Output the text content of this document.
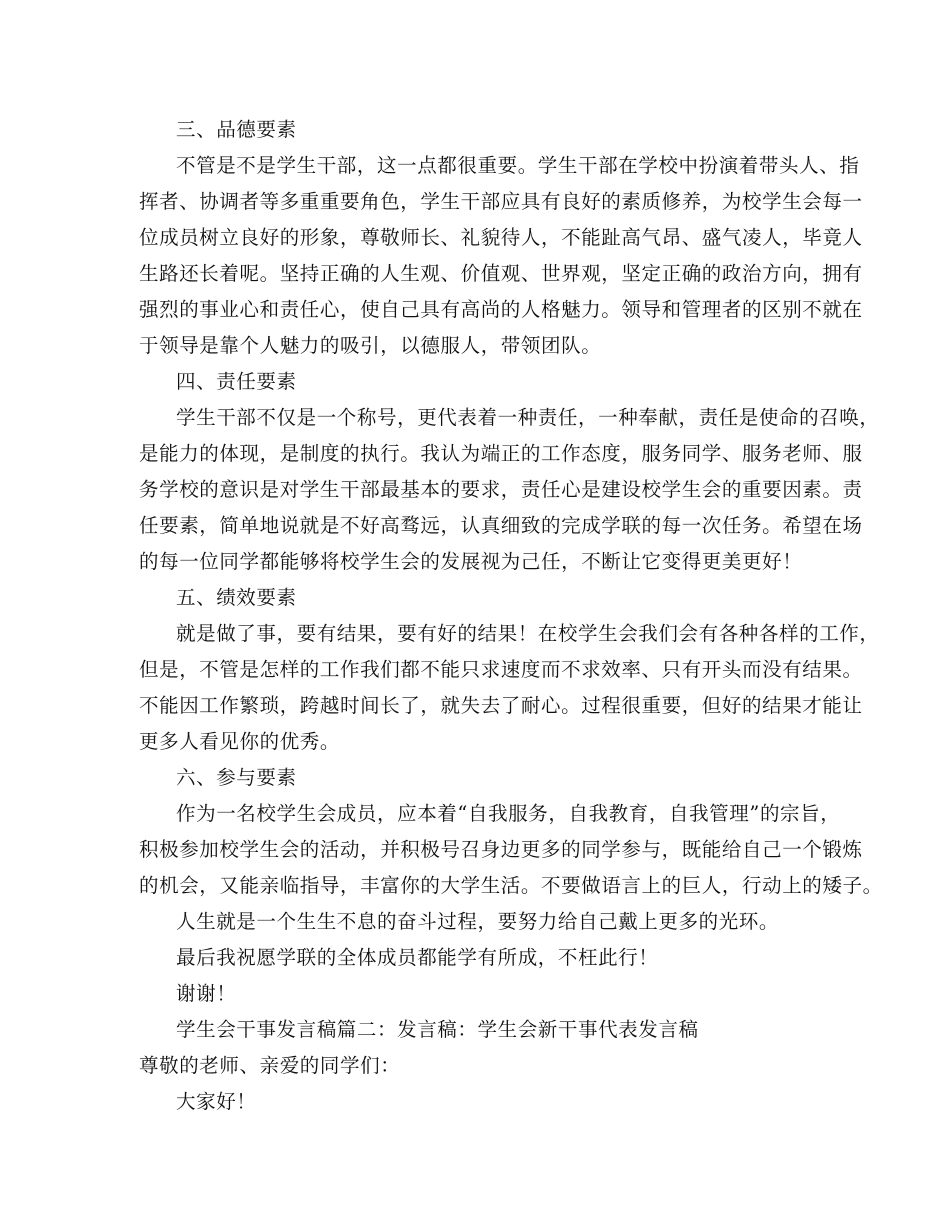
三、品德要素
不管是不是学生干部，这一点都很重要。学生干部在学校中扮演着带头人、指
挥者、协调者等多重重要角色，学生干部应具有良好的素质修养，为校学生会每一
位成员树立良好的形象，尊敬师长、礼貌待人，不能趾高气昂、盛气凌人，毕竟人
生路还长着呢。坚持正确的人生观、价值观、世界观，坚定正确的政治方向，拥有
强烈的事业心和责任心，使自己具有高尚的人格魅力。领导和管理者的区别不就在
于领导是靠个人魅力的吸引，以德服人，带领团队。
四、责任要素
学生干部不仅是一个称号，更代表着一种责任，一种奉献，责任是使命的召唤，
是能力的体现，是制度的执行。我认为端正的工作态度，服务同学、服务老师、服
务学校的意识是对学生干部最基本的要求，责任心是建设校学生会的重要因素。责
任要素，简单地说就是不好高骛远，认真细致的完成学联的每一次任务。希望在场
的每一位同学都能够将校学生会的发展视为己任，不断让它变得更美更好！
五、绩效要素
就是做了事，要有结果，要有好的结果！在校学生会我们会有各种各样的工作，
但是，不管是怎样的工作我们都不能只求速度而不求效率、只有开头而没有结果。
不能因工作繁琐，跨越时间长了，就失去了耐心。过程很重要，但好的结果才能让
更多人看见你的优秀。
六、参与要素
作为一名校学生会成员，应本着“自我服务，自我教育，自我管理”的宗旨，
积极参加校学生会的活动，并积极号召身边更多的同学参与，既能给自己一个锻炼
的机会，又能亲临指导，丰富你的大学生活。不要做语言上的巨人，行动上的矮子。
人生就是一个生生不息的奋斗过程，要努力给自己戴上更多的光环。
最后我祝愿学联的全体成员都能学有所成，不枉此行！
谢谢！
学生会干事发言稿篇二：发言稿：学生会新干事代表发言稿
尊敬的老师、亲爱的同学们：
大家好！
